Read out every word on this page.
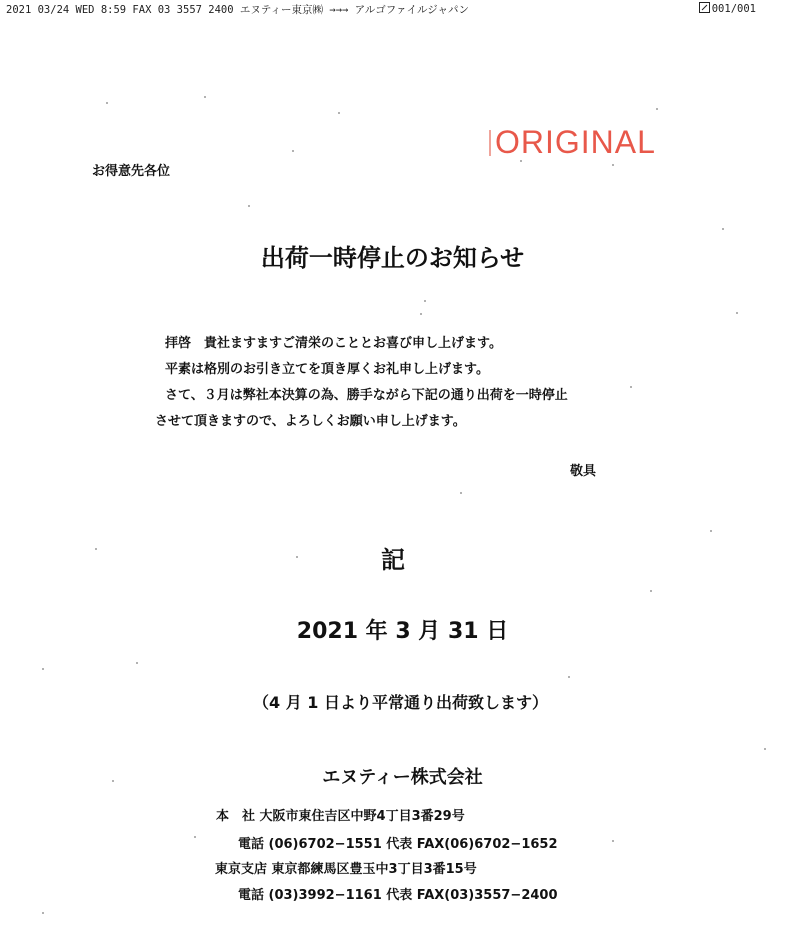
2021 03/24 WED 8:59 FAX 03 3557 2400 エヌティー東京㈱ →→→ アルゴファイルジャパン	001/001
ORIGINAL
お得意先各位
出荷一時停止のお知らせ
拝啓　貴社ますますご清栄のこととお喜び申し上げます。
平素は格別のお引き立てを頂き厚くお礼申し上げます。
さて、３月は弊社本決算の為、勝手ながら下記の通り出荷を一時停止
させて頂きますので、よろしくお願い申し上げます。
敬具
記
2021 年 3 月 31 日
（4 月 1 日より平常通り出荷致します）
エヌティー株式会社
本　社 大阪市東住吉区中野4丁目3番29号
電話 (06)6702−1551 代表 FAX(06)6702−1652
東京支店 東京都練馬区豊玉中3丁目3番15号
電話 (03)3992−1161 代表 FAX(03)3557−2400
